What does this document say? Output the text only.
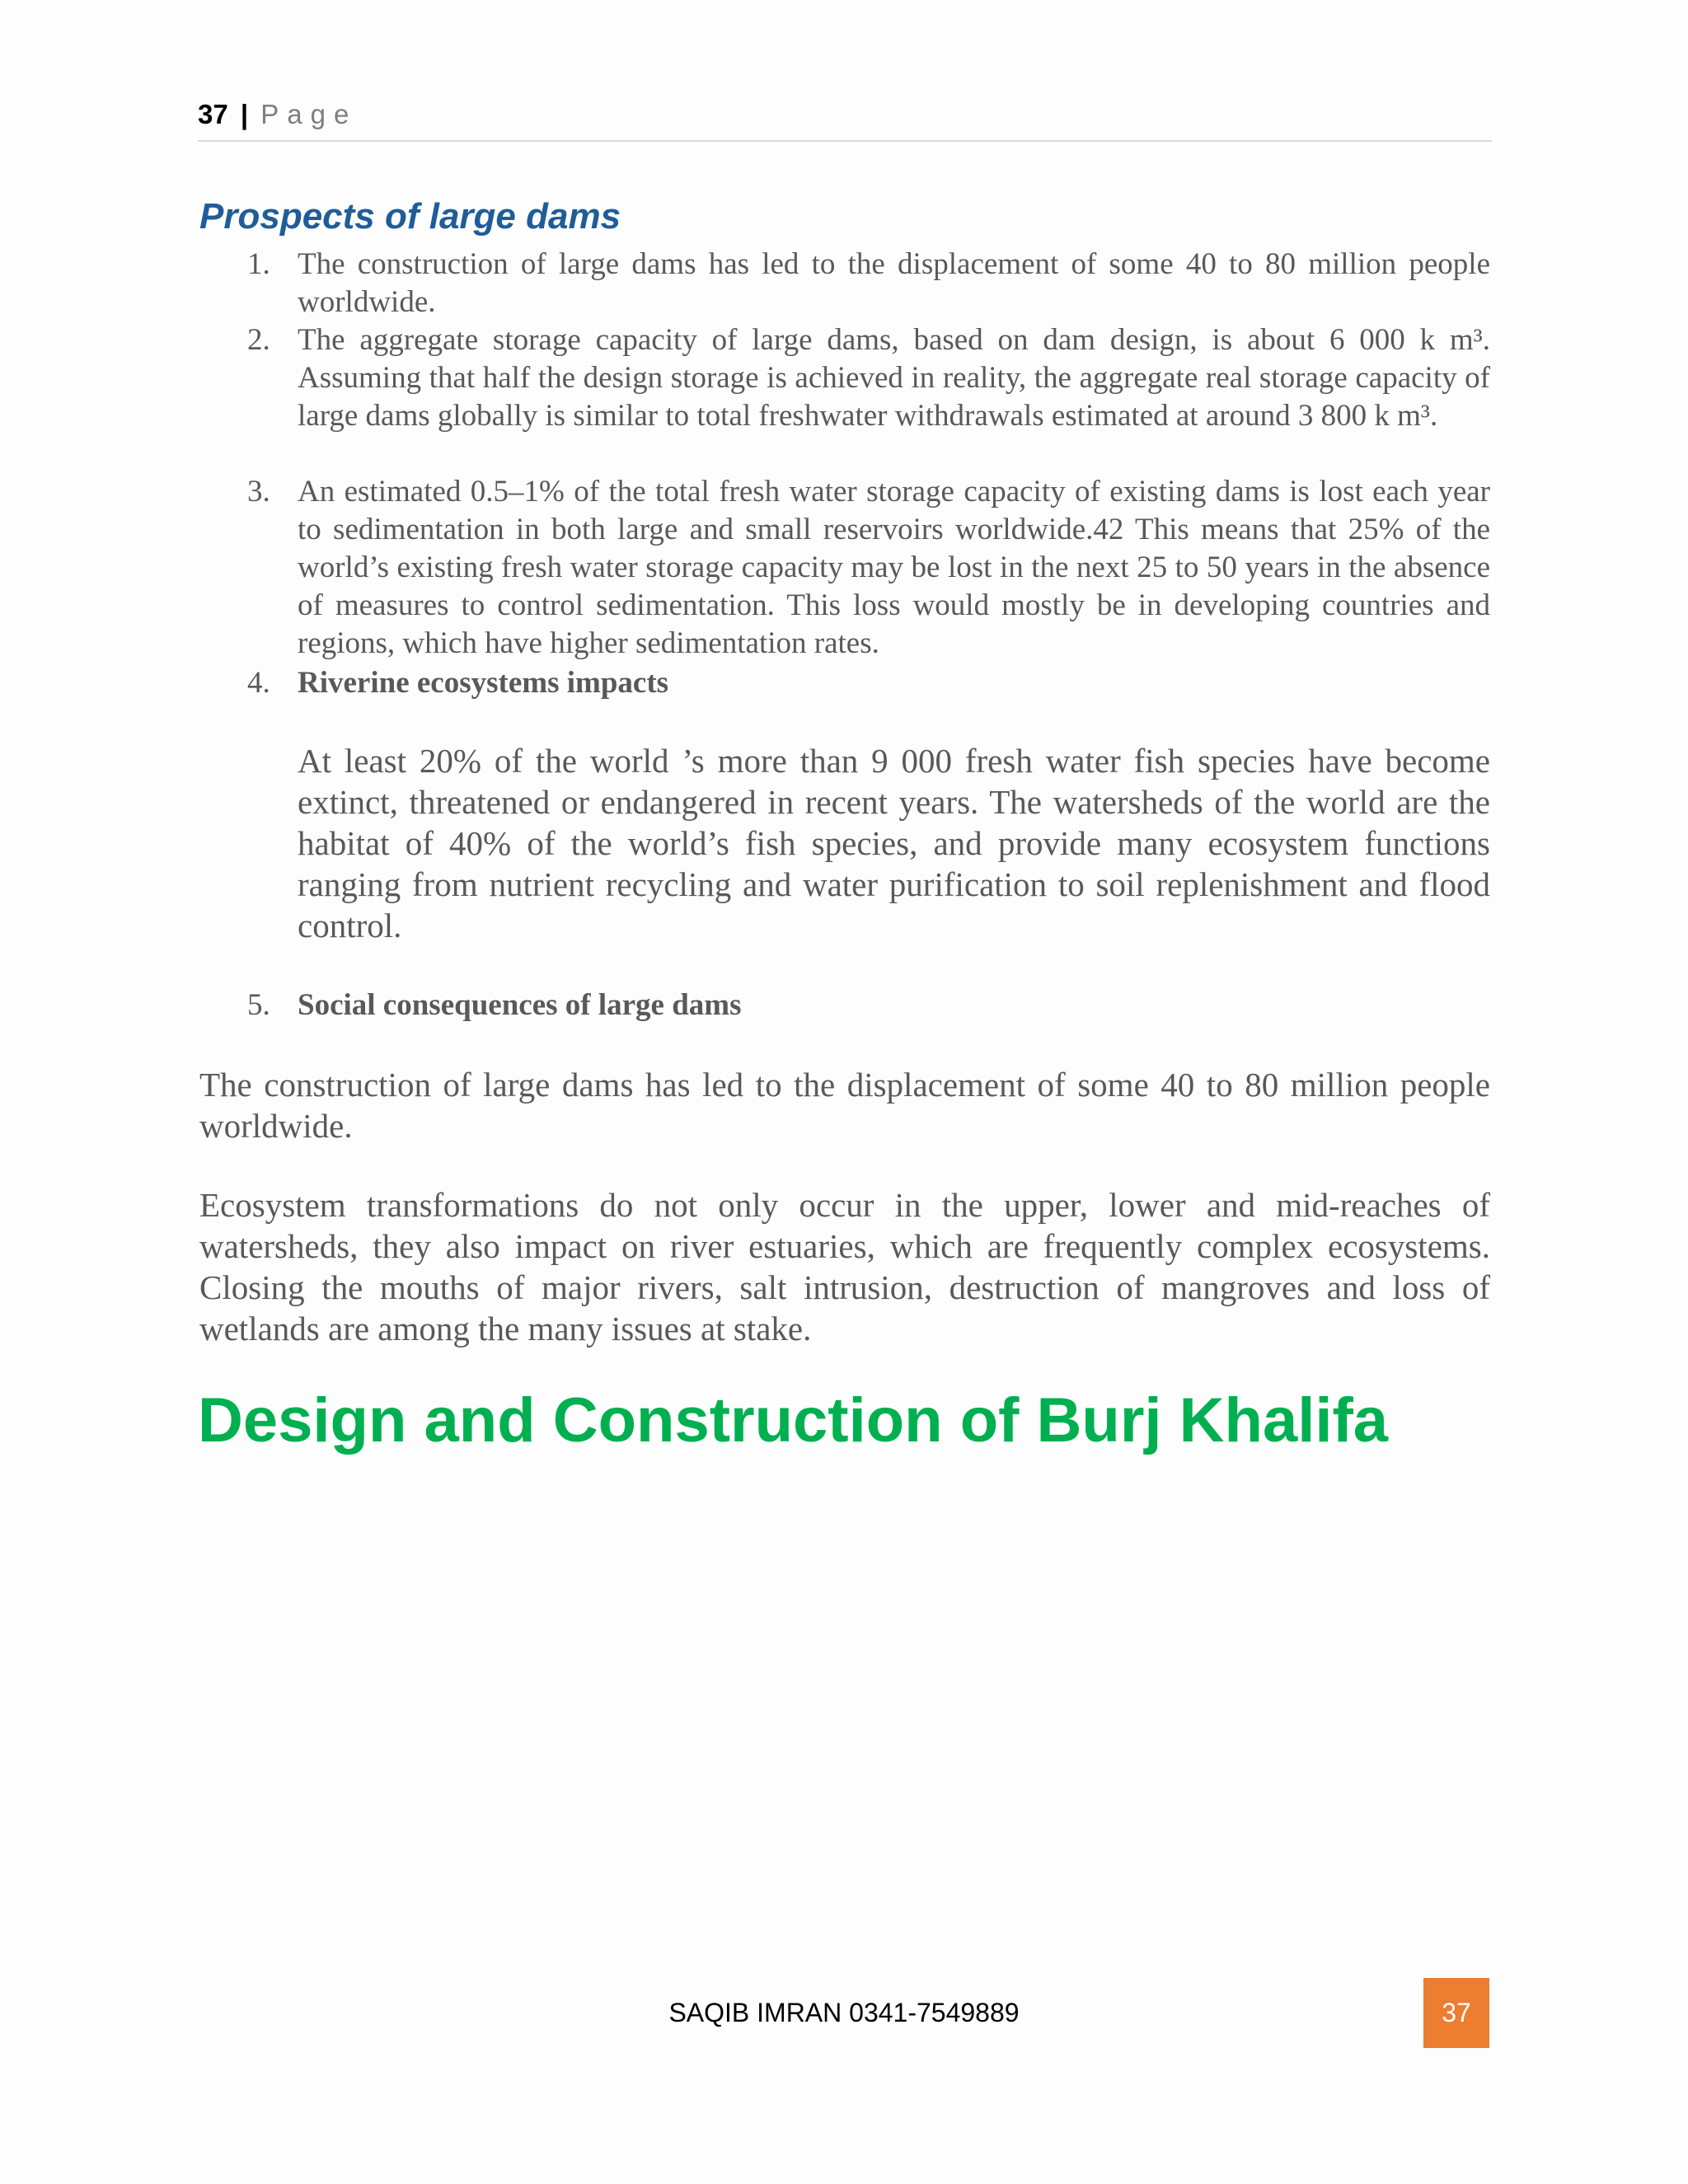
37 | Page
Prospects of large dams
1. The construction of large dams has led to the displacement of some 40 to 80 million people worldwide.
2. The aggregate storage capacity of large dams, based on dam design, is about 6 000 k m³. Assuming that half the design storage is achieved in reality, the aggregate real storage capacity of large dams globally is similar to total freshwater withdrawals estimated at around 3 800 k m³.
3. An estimated 0.5–1% of the total fresh water storage capacity of existing dams is lost each year to sedimentation in both large and small reservoirs worldwide.42 This means that 25% of the world’s existing fresh water storage capacity may be lost in the next 25 to 50 years in the absence of measures to control sedimentation. This loss would mostly be in developing countries and regions, which have higher sedimentation rates.
4. Riverine ecosystems impacts
At least 20% of the world ’s more than 9 000 fresh water fish species have become extinct, threatened or endangered in recent years. The watersheds of the world are the habitat of 40% of the world’s fish species, and provide many ecosystem functions ranging from nutrient recycling and water purification to soil replenishment and flood control.
5. Social consequences of large dams

The construction of large dams has led to the displacement of some 40 to 80 million people worldwide.

Ecosystem transformations do not only occur in the upper, lower and mid-reaches of watersheds, they also impact on river estuaries, which are frequently complex ecosystems. Closing the mouths of major rivers, salt intrusion, destruction of mangroves and loss of wetlands are among the many issues at stake.

Design and Construction of Burj Khalifa
SAQIB IMRAN 0341-7549889	37
